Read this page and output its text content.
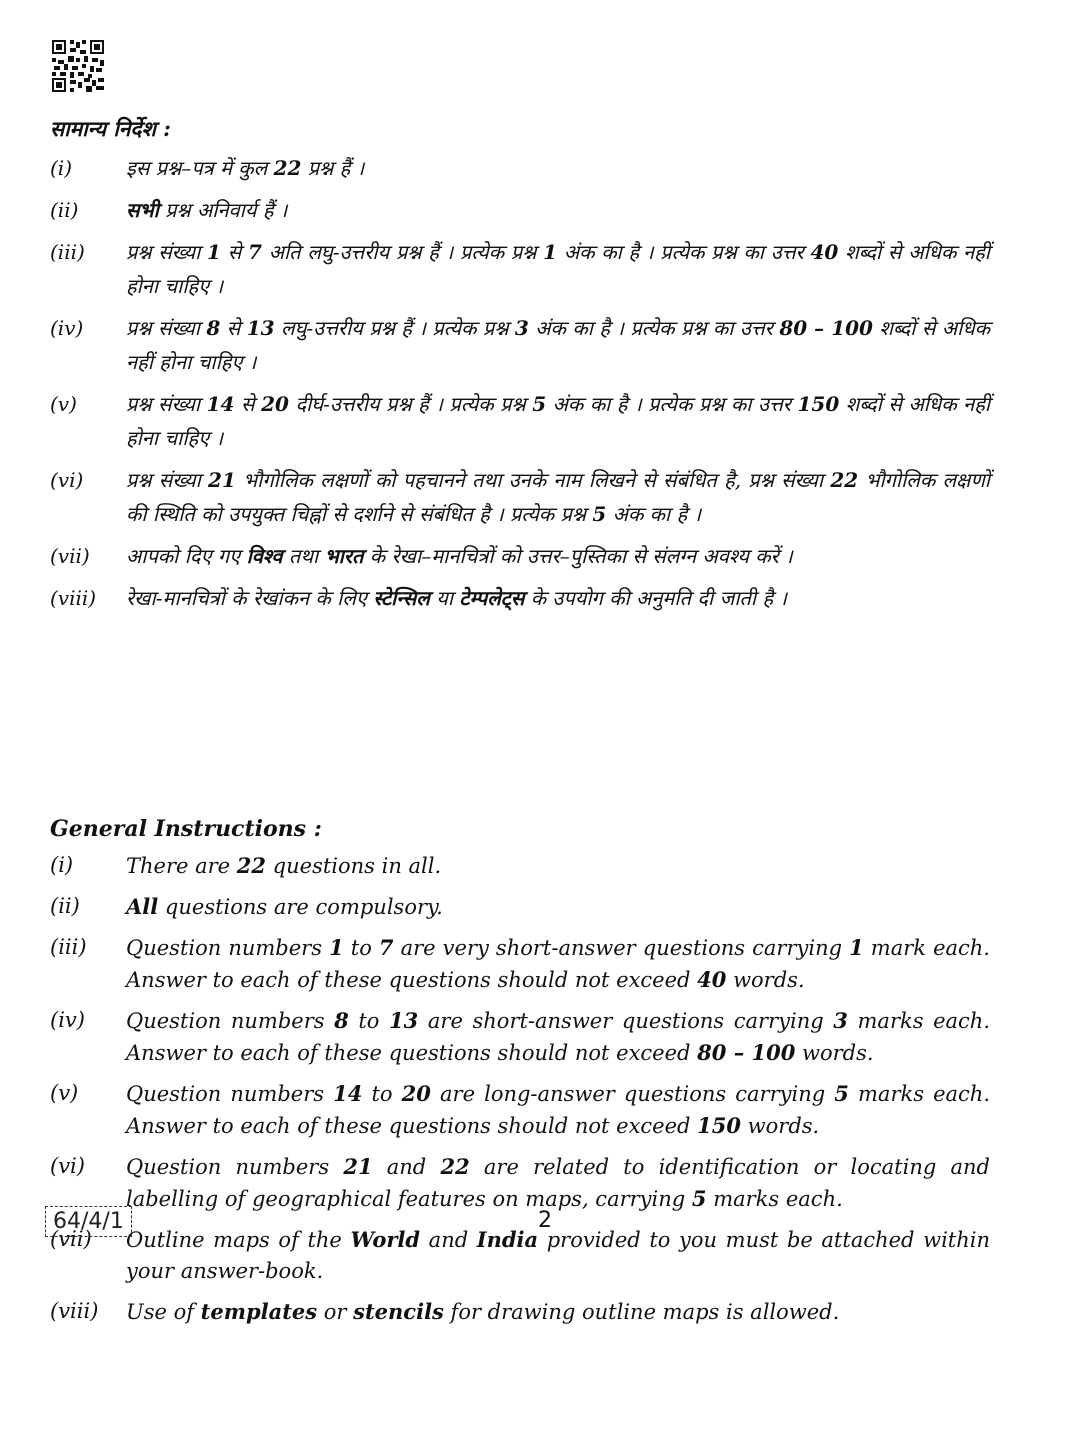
सामान्य निर्देश :
(i)	इस प्रश्न–पत्र में कुल 22 प्रश्न हैं ।
(ii)	सभी प्रश्न अनिवार्य हैं ।
(iii)	प्रश्न संख्या 1 से 7 अति लघु-उत्तरीय प्रश्न हैं । प्रत्येक प्रश्न 1 अंक का है । प्रत्येक प्रश्न का उत्तर 40 शब्दों से अधिक नहीं होना चाहिए ।
(iv)	प्रश्न संख्या 8 से 13 लघु-उत्तरीय प्रश्न हैं । प्रत्येक प्रश्न 3 अंक का है । प्रत्येक प्रश्न का उत्तर 80 – 100 शब्दों से अधिक नहीं होना चाहिए ।
(v)	प्रश्न संख्या 14 से 20 दीर्घ-उत्तरीय प्रश्न हैं । प्रत्येक प्रश्न 5 अंक का है । प्रत्येक प्रश्न का उत्तर 150 शब्दों से अधिक नहीं होना चाहिए ।
(vi)	प्रश्न संख्या 21 भौगोलिक लक्षणों को पहचानने तथा उनके नाम लिखने से संबंधित है, प्रश्न संख्या 22 भौगोलिक लक्षणों की स्थिति को उपयुक्त चिह्नों से दर्शाने से संबंधित है । प्रत्येक प्रश्न 5 अंक का है ।
(vii)	आपको दिए गए विश्व तथा भारत के रेखा–मानचित्रों को उत्तर–पुस्तिका से संलग्न अवश्य करें ।
(viii)	रेखा-मानचित्रों के रेखांकन के लिए स्टेन्सिल या टेम्पलेट्स के उपयोग की अनुमति दी जाती है ।
General Instructions :
(i)	There are 22 questions in all.
(ii)	All questions are compulsory.
(iii)	Question numbers 1 to 7 are very short-answer questions carrying 1 mark each. Answer to each of these questions should not exceed 40 words.
(iv)	Question numbers 8 to 13 are short-answer questions carrying 3 marks each. Answer to each of these questions should not exceed 80 – 100 words.
(v)	Question numbers 14 to 20 are long-answer questions carrying 5 marks each. Answer to each of these questions should not exceed 150 words.
(vi)	Question numbers 21 and 22 are related to identification or locating and labelling of geographical features on maps, carrying 5 marks each.
(vii)	Outline maps of the World and India provided to you must be attached within your answer-book.
(viii)	Use of templates or stencils for drawing outline maps is allowed.
64/4/1	2
